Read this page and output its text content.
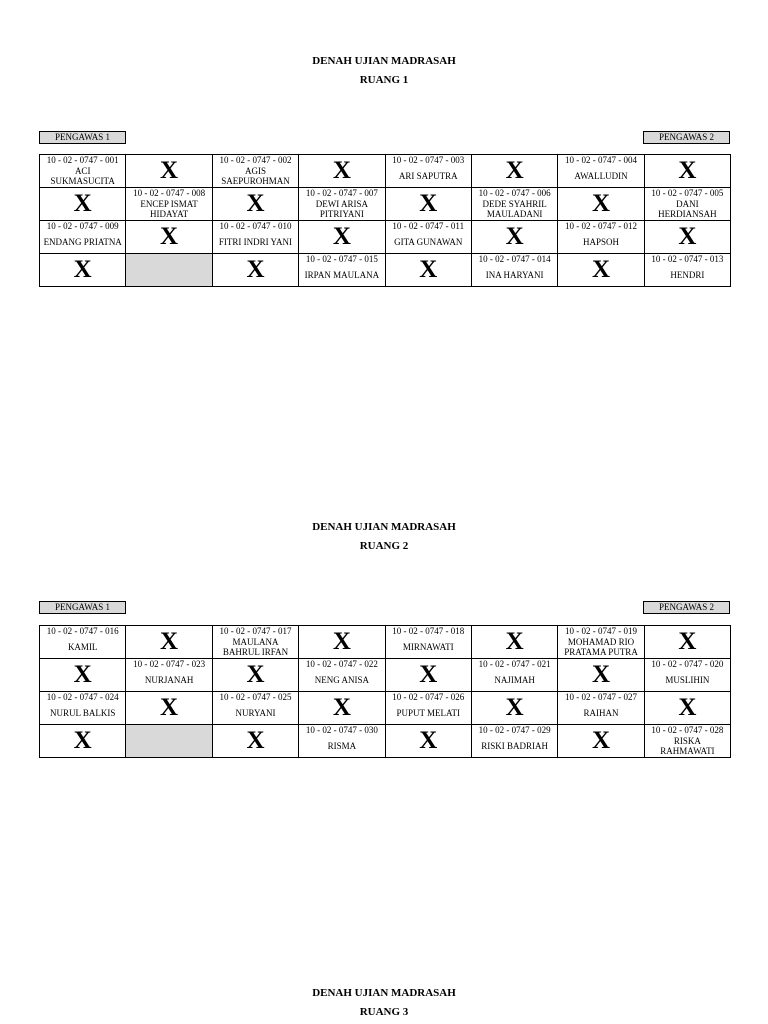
DENAH UJIAN MADRASAH
RUANG 1
PENGAWAS 1	PENGAWAS 2
10 - 02 - 0747 - 001
ACI SUKMASUCITA	X	10 - 02 - 0747 - 002
AGIS SAEPUROHMAN	X	10 - 02 - 0747 - 003
ARI SAPUTRA	X	10 - 02 - 0747 - 004
AWALLUDIN	X

X	10 - 02 - 0747 - 008
ENCEP ISMAT HIDAYAT	X	10 - 02 - 0747 - 007
DEWI ARISA PITRIYANI	X	10 - 02 - 0747 - 006
DEDE SYAHRIL MAULADANI	X	10 - 02 - 0747 - 005
DANI HERDIANSAH

10 - 02 - 0747 - 009
ENDANG PRIATNA	X	10 - 02 - 0747 - 010
FITRI INDRI YANI	X	10 - 02 - 0747 - 011
GITA GUNAWAN	X	10 - 02 - 0747 - 012
HAPSOH	X

X		X	10 - 02 - 0747 - 015
IRPAN MAULANA	X	10 - 02 - 0747 - 014
INA HARYANI	X	10 - 02 - 0747 - 013
HENDRI
DENAH UJIAN MADRASAH
RUANG 2
PENGAWAS 1	PENGAWAS 2
10 - 02 - 0747 - 016
KAMIL	X	10 - 02 - 0747 - 017
MAULANA BAHRUL IRFAN	X	10 - 02 - 0747 - 018
MIRNAWATI	X	10 - 02 - 0747 - 019
MOHAMAD RIO PRATAMA PUTRA	X

X	10 - 02 - 0747 - 023
NURJANAH	X	10 - 02 - 0747 - 022
NENG ANISA	X	10 - 02 - 0747 - 021
NAJIMAH	X	10 - 02 - 0747 - 020
MUSLIHIN

10 - 02 - 0747 - 024
NURUL BALKIS	X	10 - 02 - 0747 - 025
NURYANI	X	10 - 02 - 0747 - 026
PUPUT MELATI	X	10 - 02 - 0747 - 027
RAIHAN	X

X		X	10 - 02 - 0747 - 030
RISMA	X	10 - 02 - 0747 - 029
RISKI BADRIAH	X	10 - 02 - 0747 - 028
RISKA RAHMAWATI
DENAH UJIAN MADRASAH
RUANG 3
